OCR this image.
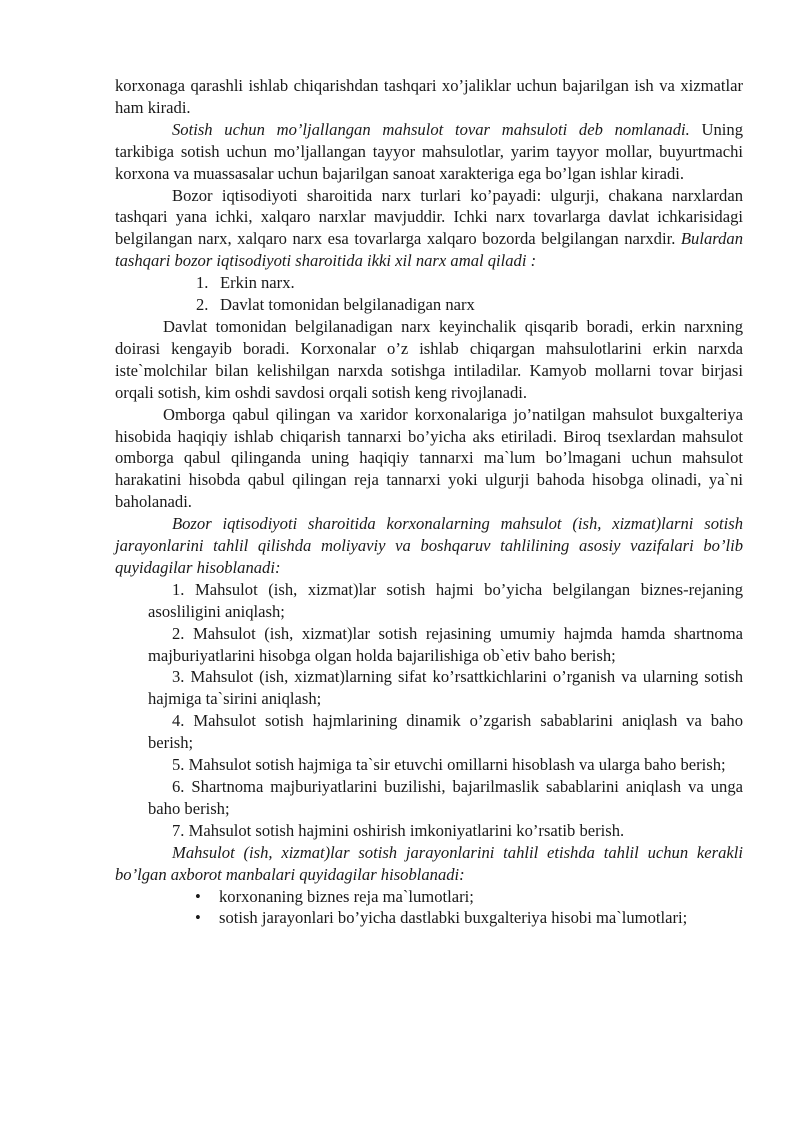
korxonaga qarashli ishlab chiqarishdan tashqari xo’jaliklar uchun bajarilgan ish va xizmatlar ham kiradi.

Sotish uchun mo’ljallangan mahsulot tovar mahsuloti deb nomlanadi. Uning tarkibiga sotish uchun mo’ljallangan tayyor mahsulotlar, yarim tayyor mollar, buyurtmachi korxona va muassasalar uchun bajarilgan sanoat xarakteriga ega bo’lgan ishlar kiradi.

Bozor iqtisodiyoti sharoitida narx turlari ko’payadi: ulgurji, chakana narxlardan tashqari yana ichki, xalqaro narxlar mavjuddir. Ichki narx tovarlarga davlat ichkarisidagi belgilangan narx, xalqaro narx esa tovarlarga xalqaro bozorda belgilangan narxdir. Bulardan tashqari bozor iqtisodiyoti sharoitida ikki xil narx amal qiladi :

1. Erkin narx.
2. Davlat tomonidan belgilanadigan narx

Davlat tomonidan belgilanadigan narx keyinchalik qisqarib boradi, erkin narxning doirasi kengayib boradi. Korxonalar o’z ishlab chiqargan mahsulotlarini erkin narxda iste`molchilar bilan kelishilgan narxda sotishga intiladilar. Kamyob mollarni tovar birjasi orqali sotish, kim oshdi savdosi orqali sotish keng rivojlanadi.

Omborga qabul qilingan va xaridor korxonalariga jo’natilgan mahsulot buxgalteriya hisobida haqiqiy ishlab chiqarish tannarxi bo’yicha aks etiriladi. Biroq tsexlardan mahsulot omborga qabul qilinganda uning haqiqiy tannarxi ma`lum bo’lmagani uchun mahsulot harakatini hisobda qabul qilingan reja tannarxi yoki ulgurji bahoda hisobga olinadi, ya`ni baholanadi.

Bozor iqtisodiyoti sharoitida korxonalarning mahsulot (ish, xizmat)larni sotish jarayonlarini tahlil qilishda moliyaviy va boshqaruv tahlilining asosiy vazifalari bo’lib quyidagilar hisoblanadi:

1. Mahsulot (ish, xizmat)lar sotish hajmi bo’yicha belgilangan biznes-rejaning asosliligini aniqlash;
2. Mahsulot (ish, xizmat)lar sotish rejasining umumiy hajmda hamda shartnoma majburiyatlarini hisobga olgan holda bajarilishiga ob`etiv baho berish;
3. Mahsulot (ish, xizmat)larning sifat ko’rsattkichlarini o’rganish va ularning sotish hajmiga ta`sirini aniqlash;
4. Mahsulot sotish hajmlarining dinamik o’zgarish sabablarini aniqlash va baho berish;
5. Mahsulot sotish hajmiga ta`sir etuvchi omillarni hisoblash va ularga baho berish;
6. Shartnoma majburiyatlarini buzilishi, bajarilmaslik sabablarini aniqlash va unga baho berish;
7. Mahsulot sotish hajmini oshirish imkoniyatlarini ko’rsatib berish.

Mahsulot (ish, xizmat)lar sotish jarayonlarini tahlil etishda tahlil uchun kerakli bo’lgan axborot manbalari quyidagilar hisoblanadi:

•	korxonaning biznes reja ma`lumotlari;
•	sotish jarayonlari bo’yicha dastlabki buxgalteriya hisobi ma`lumotlari;
